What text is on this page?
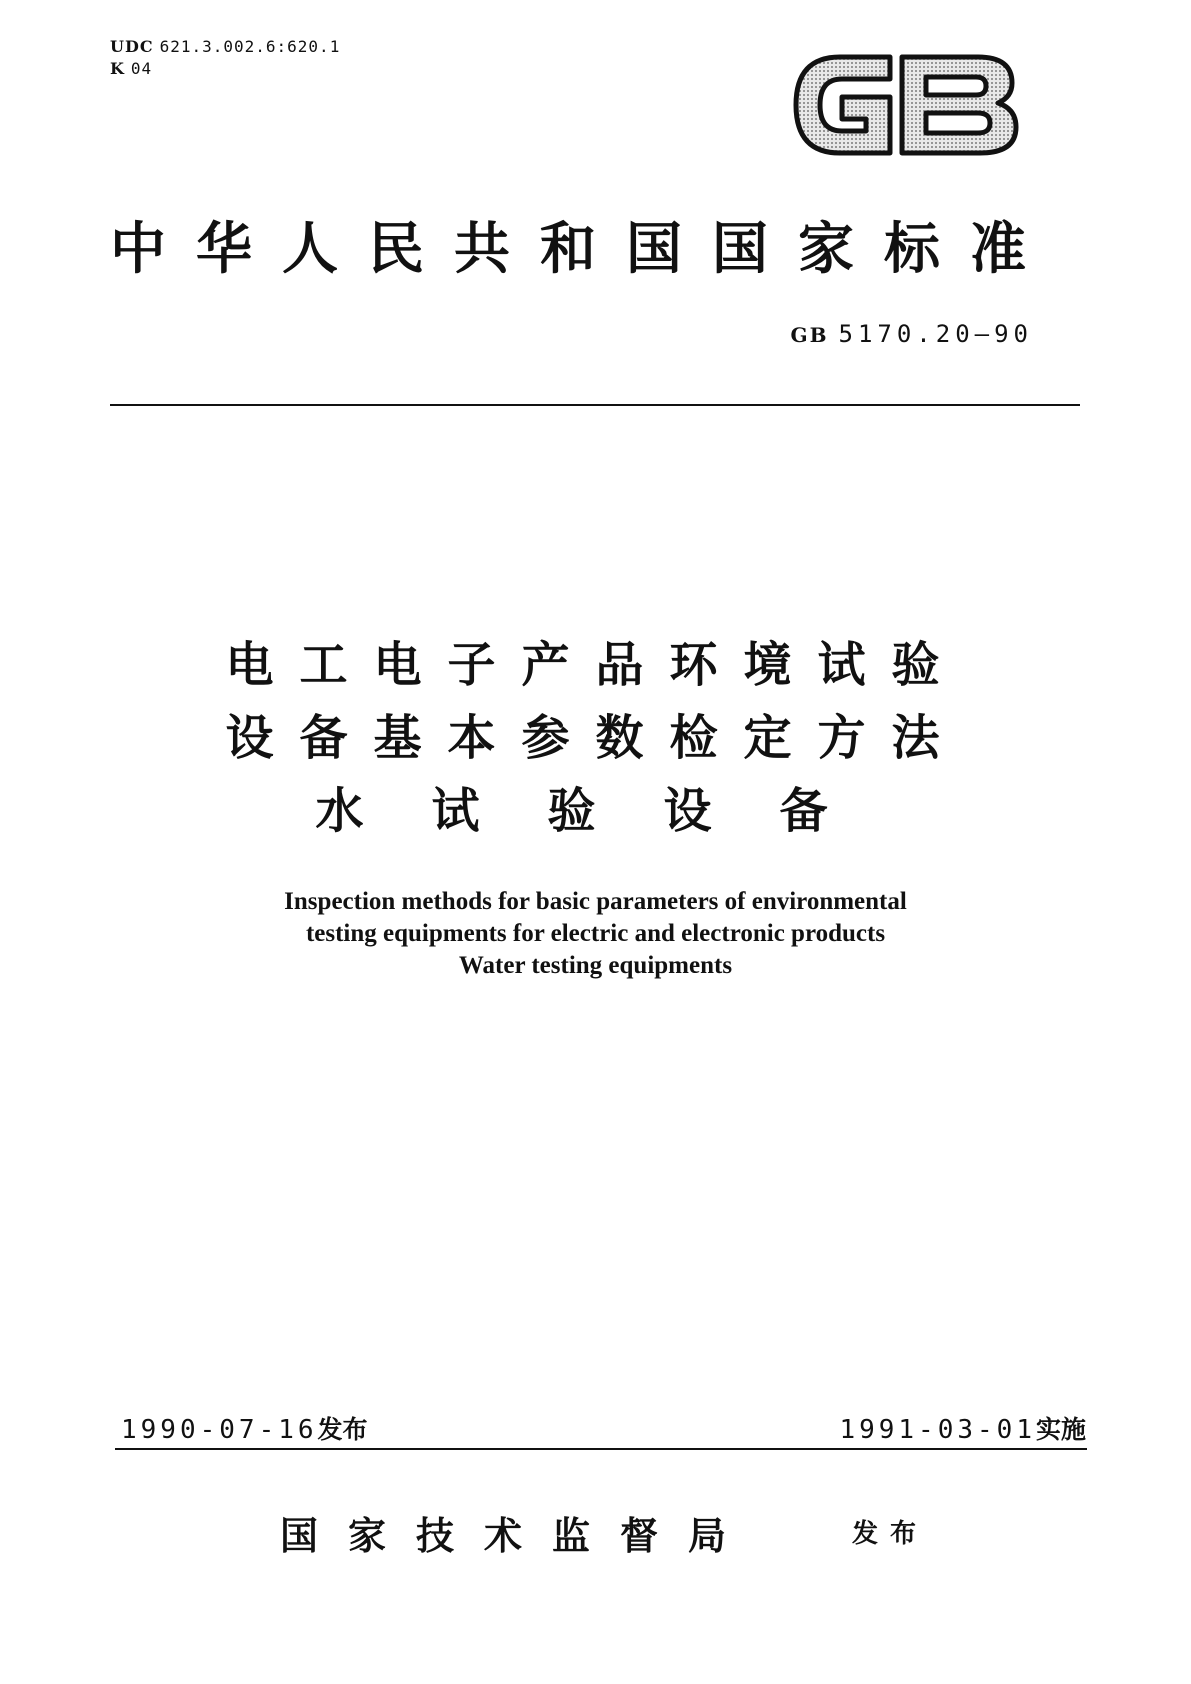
UDC 621.3.002.6:620.1
K 04
中华人民共和国国家标准
GB 5170.20—90
电工电子产品环境试验
设备基本参数检定方法
水试验设备
Inspection methods for basic parameters of environmental
testing equipments for electric and electronic products
Water testing equipments
1990-07-16发布	1991-03-01实施
国家技术监督局	发布
